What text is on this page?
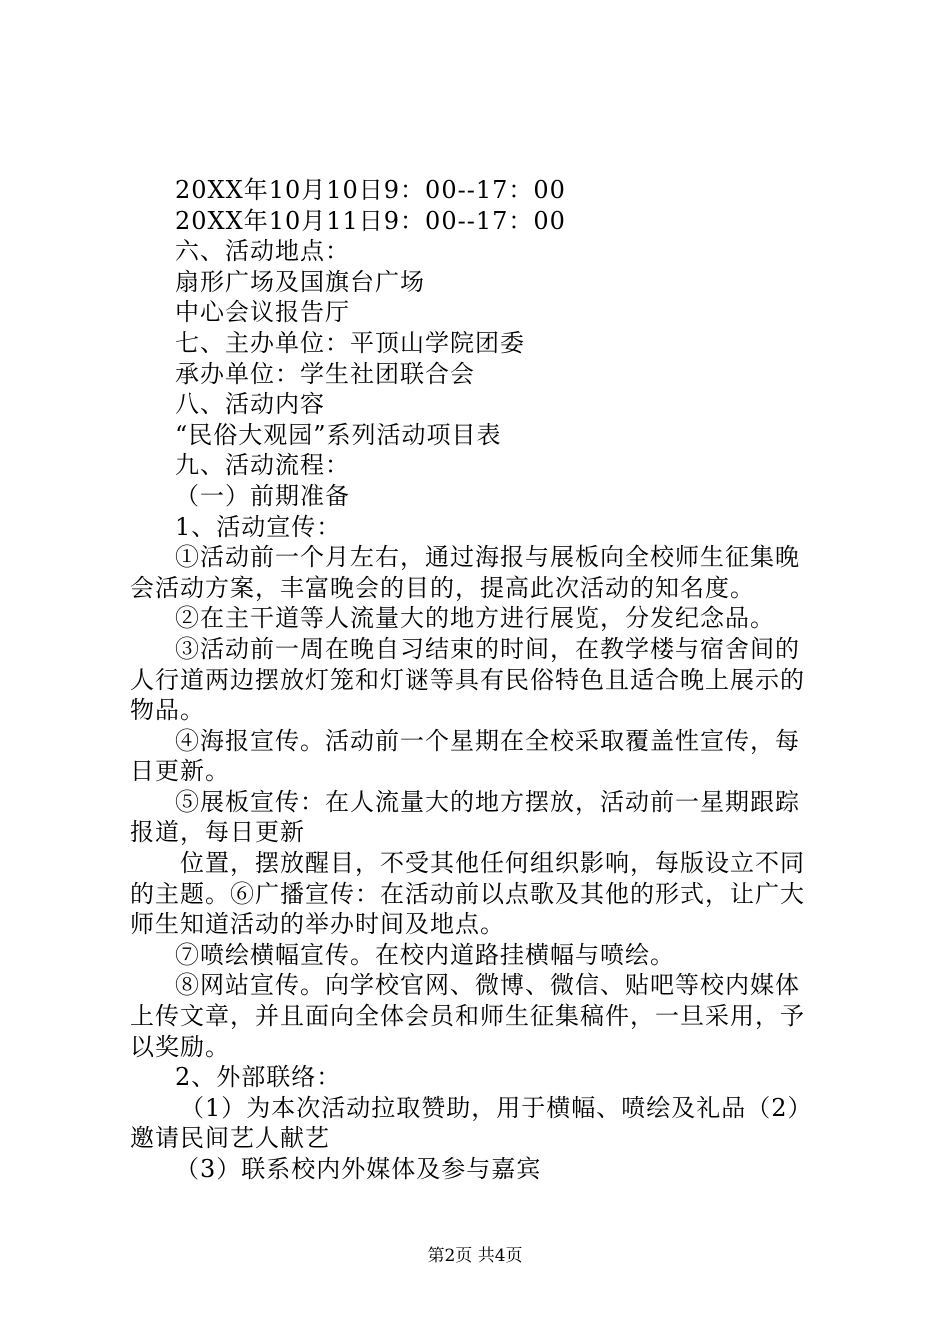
20XX年10月10日9：00--17：00
20XX年10月11日9：00--17：00
六、活动地点：
扇形广场及国旗台广场
中心会议报告厅
七、主办单位：平顶山学院团委
承办单位：学生社团联合会
八、活动内容
“民俗大观园”系列活动项目表
九、活动流程：
（一）前期准备
1、活动宣传：
①活动前一个月左右，通过海报与展板向全校师生征集晚
会活动方案，丰富晚会的目的，提高此次活动的知名度。
②在主干道等人流量大的地方进行展览，分发纪念品。
③活动前一周在晚自习结束的时间，在教学楼与宿舍间的
人行道两边摆放灯笼和灯谜等具有民俗特色且适合晚上展示的
物品。
④海报宣传。活动前一个星期在全校采取覆盖性宣传，每
日更新。
⑤展板宣传：在人流量大的地方摆放，活动前一星期跟踪
报道，每日更新
位置，摆放醒目，不受其他任何组织影响，每版设立不同
的主题。⑥广播宣传：在活动前以点歌及其他的形式，让广大
师生知道活动的举办时间及地点。
⑦喷绘横幅宣传。在校内道路挂横幅与喷绘。
⑧网站宣传。向学校官网、微博、微信、贴吧等校内媒体
上传文章，并且面向全体会员和师生征集稿件，一旦采用，予
以奖励。
2、外部联络：
（1）为本次活动拉取赞助，用于横幅、喷绘及礼品（2）
邀请民间艺人献艺
（3）联系校内外媒体及参与嘉宾
第2页 共4页
